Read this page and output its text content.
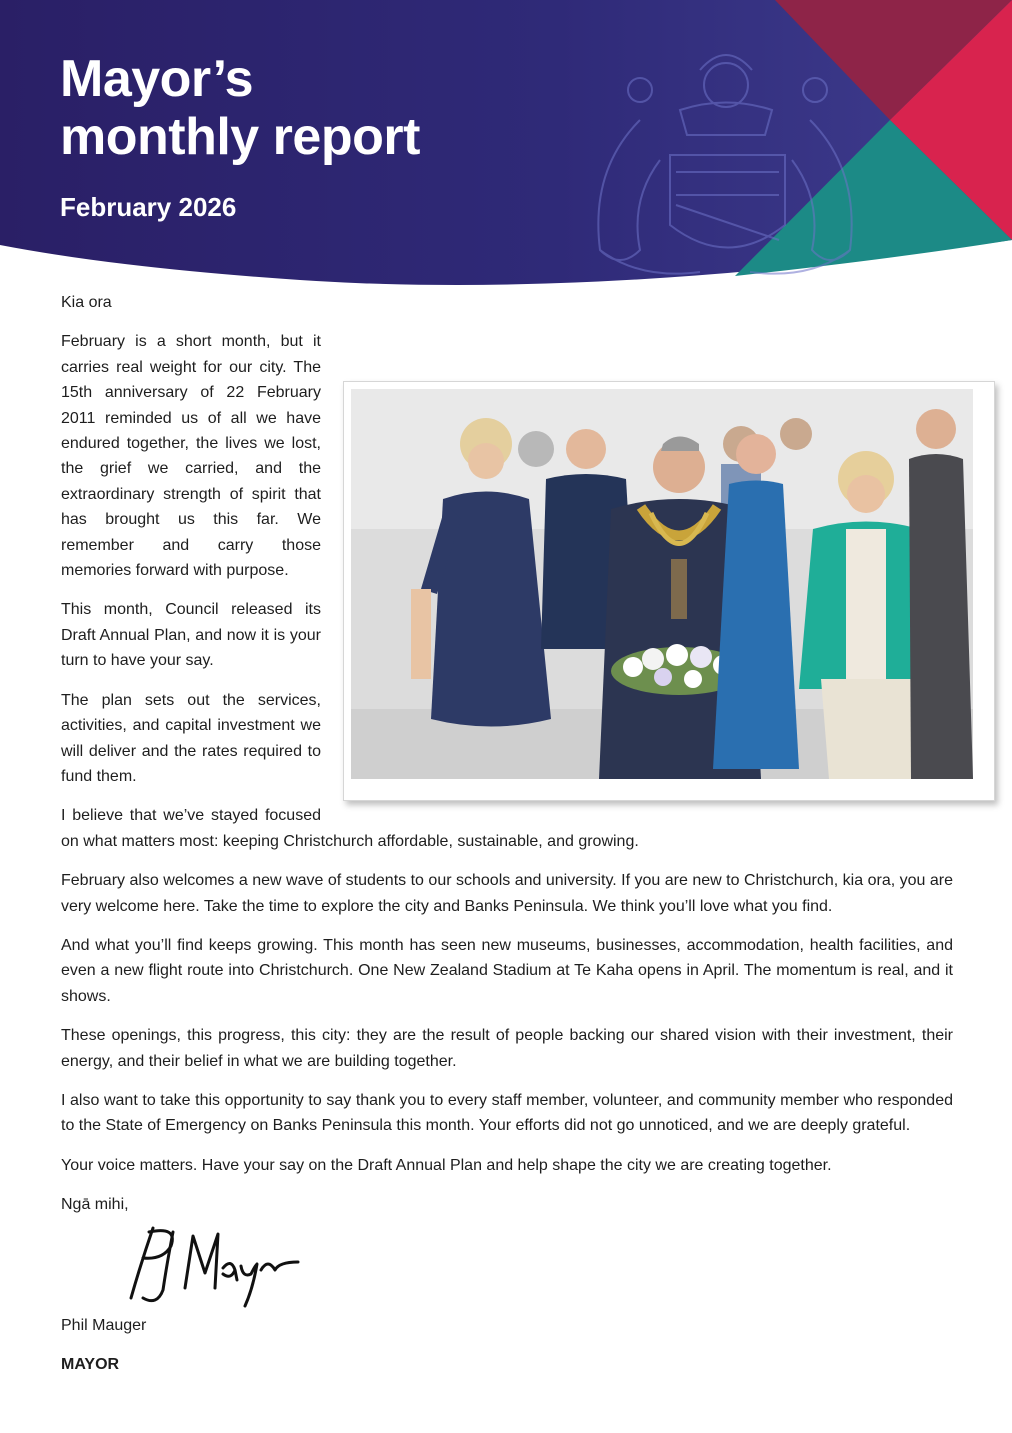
Mayor’s
monthly report
February 2026

Kia ora

February is a short month, but it carries real weight for our city. The 15th anniversary of 22 February 2011 reminded us of all we have endured together, the lives we lost, the grief we carried, and the extraordinary strength of spirit that has brought us this far. We remember and carry those memories forward with purpose.

This month, Council released its Draft Annual Plan, and now it is your turn to have your say.

The plan sets out the services, activities, and capital investment we will deliver and the rates required to fund them.

I believe that we’ve stayed focused on what matters most: keeping Christchurch affordable, sustainable, and growing.

February also welcomes a new wave of students to our schools and university. If you are new to Christchurch, kia ora, you are very welcome here. Take the time to explore the city and Banks Peninsula. We think you’ll love what you find.

And what you’ll find keeps growing. This month has seen new museums, businesses, accommodation, health facilities, and even a new flight route into Christchurch. One New Zealand Stadium at Te Kaha opens in April. The momentum is real, and it shows.

These openings, this progress, this city: they are the result of people backing our shared vision with their investment, their energy, and their belief in what we are building together.

I also want to take this opportunity to say thank you to every staff member, volunteer, and community member who responded to the State of Emergency on Banks Peninsula this month. Your efforts did not go unnoticed, and we are deeply grateful.

Your voice matters. Have your say on the Draft Annual Plan and help shape the city we are creating together.

Ngā mihi,

Phil Mauger

MAYOR
